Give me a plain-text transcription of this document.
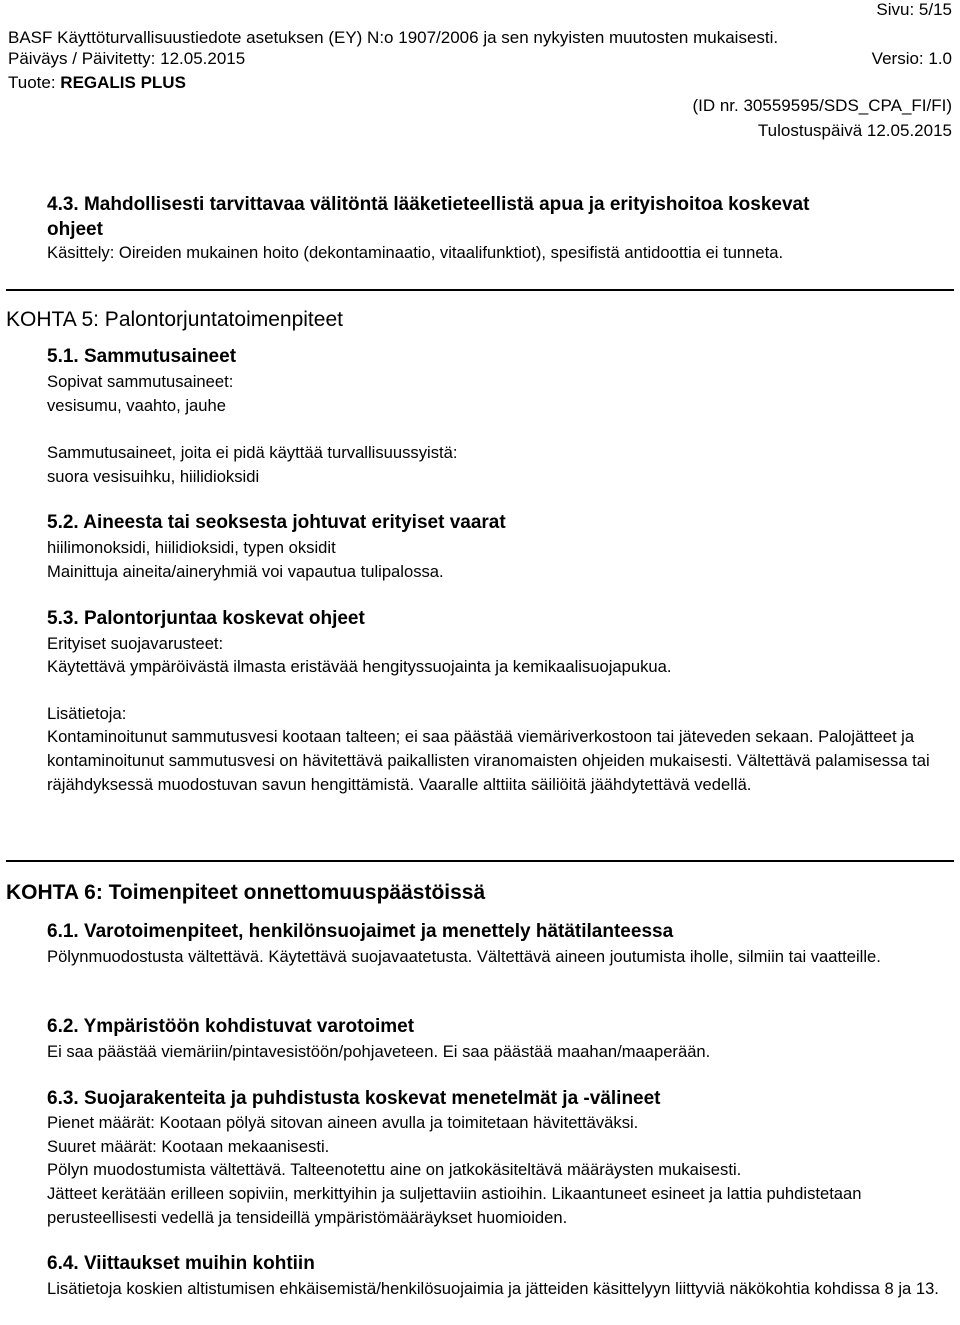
Sivu: 5/15
BASF Käyttöturvallisuustiedote asetuksen (EY) N:o 1907/2006 ja sen nykyisten muutosten mukaisesti.
Päiväys / Päivitetty: 12.05.2015	Versio: 1.0
Tuote: REGALIS PLUS
(ID nr. 30559595/SDS_CPA_FI/FI)
Tulostuspäivä 12.05.2015
4.3. Mahdollisesti tarvittavaa välitöntä lääketieteellistä apua ja erityishoitoa koskevat
ohjeet
Käsittely: Oireiden mukainen hoito (dekontaminaatio, vitaalifunktiot), spesifistä antidoottia ei tunneta.
KOHTA 5: Palontorjuntatoimenpiteet
5.1. Sammutusaineet
Sopivat sammutusaineet:
vesisumu, vaahto, jauhe
Sammutusaineet, joita ei pidä käyttää turvallisuussyistä:
suora vesisuihku, hiilidioksidi
5.2. Aineesta tai seoksesta johtuvat erityiset vaarat
hiilimonoksidi, hiilidioksidi, typen oksidit
Mainittuja aineita/aineryhmiä voi vapautua tulipalossa.
5.3. Palontorjuntaa koskevat ohjeet
Erityiset suojavarusteet:
Käytettävä ympäröivästä ilmasta eristävää hengityssuojainta ja kemikaalisuojapukua.
Lisätietoja:
Kontaminoitunut sammutusvesi kootaan talteen; ei saa päästää viemäriverkostoon tai jäteveden sekaan. Palojätteet ja kontaminoitunut sammutusvesi on hävitettävä paikallisten viranomaisten ohjeiden mukaisesti. Vältettävä palamisessa tai räjähdyksessä muodostuvan savun hengittämistä. Vaaralle alttiita säiliöitä jäähdytettävä vedellä.
KOHTA 6: Toimenpiteet onnettomuuspäästöissä
6.1. Varotoimenpiteet, henkilönsuojaimet ja menettely hätätilanteessa
Pölynmuodostusta vältettävä. Käytettävä suojavaatetusta. Vältettävä aineen joutumista iholle, silmiin tai vaatteille.
6.2. Ympäristöön kohdistuvat varotoimet
Ei saa päästää viemäriin/pintavesistöön/pohjaveteen. Ei saa päästää maahan/maaperään.
6.3. Suojarakenteita ja puhdistusta koskevat menetelmät ja -välineet
Pienet määrät: Kootaan pölyä sitovan aineen avulla ja toimitetaan hävitettäväksi.
Suuret määrät: Kootaan mekaanisesti.
Pölyn muodostumista vältettävä. Talteenotettu aine on jatkokäsiteltävä määräysten mukaisesti.
Jätteet kerätään erilleen sopiviin, merkittyihin ja suljettaviin astioihin. Likaantuneet esineet ja lattia puhdistetaan perusteellisesti vedellä ja tensideillä ympäristömääräykset huomioiden.
6.4. Viittaukset muihin kohtiin
Lisätietoja koskien altistumisen ehkäisemistä/henkilösuojaimia ja jätteiden käsittelyyn liittyviä näkökohtia kohdissa 8 ja 13.
